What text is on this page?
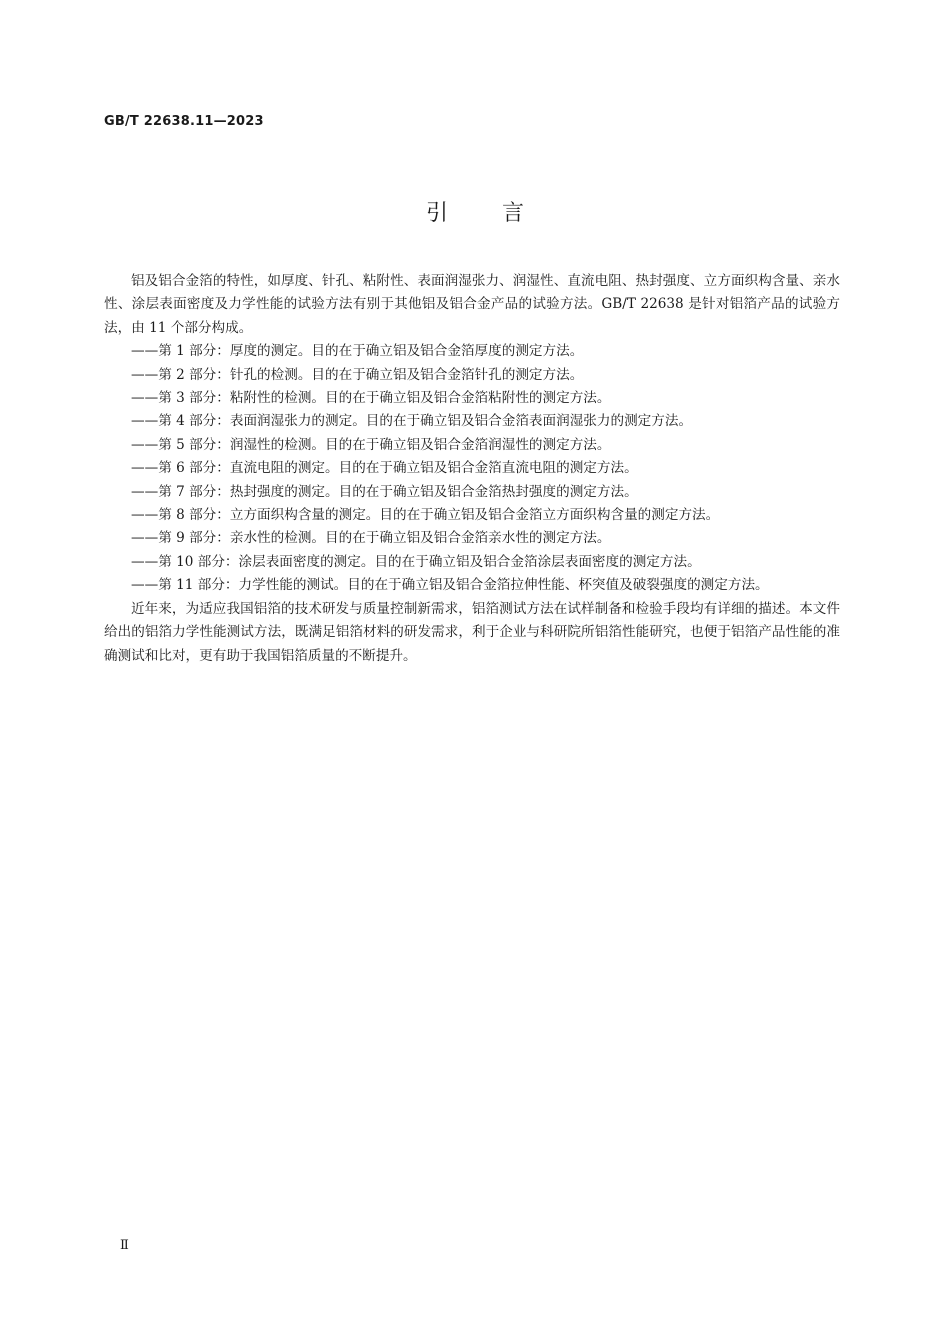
GB/T 22638.11—2023
引言

铝及铝合金箔的特性，如厚度、针孔、粘附性、表面润湿张力、润湿性、直流电阻、热封强度、立方面织构含量、亲水性、涂层表面密度及力学性能的试验方法有别于其他铝及铝合金产品的试验方法。GB/T 22638 是针对铝箔产品的试验方法，由 11 个部分构成。

——第 1 部分：厚度的测定。目的在于确立铝及铝合金箔厚度的测定方法。

——第 2 部分：针孔的检测。目的在于确立铝及铝合金箔针孔的测定方法。

——第 3 部分：粘附性的检测。目的在于确立铝及铝合金箔粘附性的测定方法。

——第 4 部分：表面润湿张力的测定。目的在于确立铝及铝合金箔表面润湿张力的测定方法。

——第 5 部分：润湿性的检测。目的在于确立铝及铝合金箔润湿性的测定方法。

——第 6 部分：直流电阻的测定。目的在于确立铝及铝合金箔直流电阻的测定方法。

——第 7 部分：热封强度的测定。目的在于确立铝及铝合金箔热封强度的测定方法。

——第 8 部分：立方面织构含量的测定。目的在于确立铝及铝合金箔立方面织构含量的测定方法。

——第 9 部分：亲水性的检测。目的在于确立铝及铝合金箔亲水性的测定方法。

——第 10 部分：涂层表面密度的测定。目的在于确立铝及铝合金箔涂层表面密度的测定方法。

——第 11 部分：力学性能的测试。目的在于确立铝及铝合金箔拉伸性能、杯突值及破裂强度的测定方法。

近年来，为适应我国铝箔的技术研发与质量控制新需求，铝箔测试方法在试样制备和检验手段均有详细的描述。本文件给出的铝箔力学性能测试方法，既满足铝箔材料的研发需求，利于企业与科研院所铝箔性能研究，也便于铝箔产品性能的准确测试和比对，更有助于我国铝箔质量的不断提升。

Ⅱ
